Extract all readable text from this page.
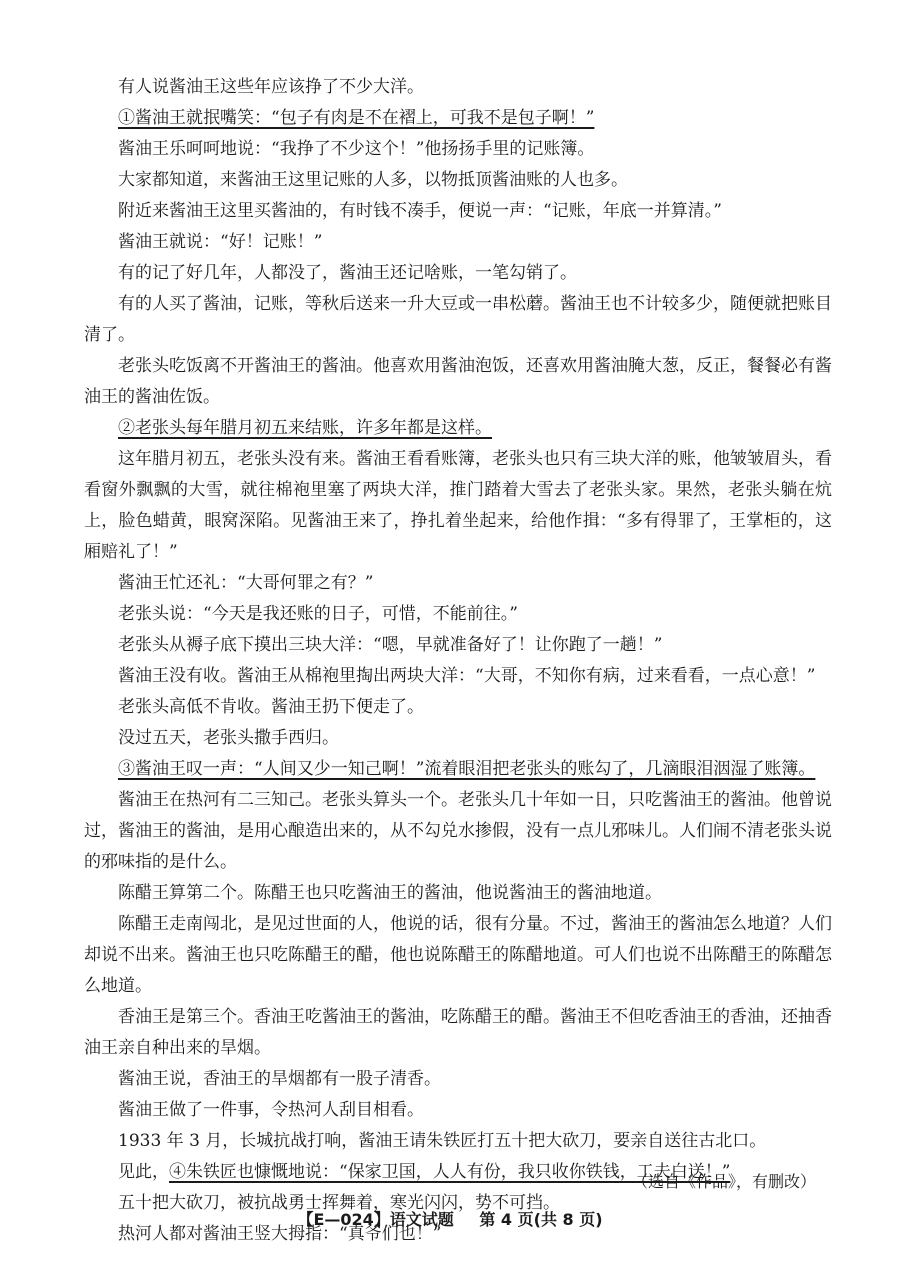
有人说酱油王这些年应该挣了不少大洋。

①酱油王就抿嘴笑：“包子有肉是不在褶上，可我不是包子啊！”

酱油王乐呵呵地说：“我挣了不少这个！”他扬扬手里的记账簿。

大家都知道，来酱油王这里记账的人多，以物抵顶酱油账的人也多。

附近来酱油王这里买酱油的，有时钱不凑手，便说一声：“记账，年底一并算清。”

酱油王就说：“好！记账！”

有的记了好几年，人都没了，酱油王还记啥账，一笔勾销了。

有的人买了酱油，记账，等秋后送来一升大豆或一串松蘑。酱油王也不计较多少，随便就把账目清了。

老张头吃饭离不开酱油王的酱油。他喜欢用酱油泡饭，还喜欢用酱油腌大葱，反正，餐餐必有酱油王的酱油佐饭。

②老张头每年腊月初五来结账，许多年都是这样。

这年腊月初五，老张头没有来。酱油王看看账簿，老张头也只有三块大洋的账，他皱皱眉头，看看窗外飘飘的大雪，就往棉袍里塞了两块大洋，推门踏着大雪去了老张头家。果然，老张头躺在炕上，脸色蜡黄，眼窝深陷。见酱油王来了，挣扎着坐起来，给他作揖：“多有得罪了，王掌柜的，这厢赔礼了！”

酱油王忙还礼：“大哥何罪之有？”

老张头说：“今天是我还账的日子，可惜，不能前往。”

老张头从褥子底下摸出三块大洋：“嗯，早就准备好了！让你跑了一趟！”

酱油王没有收。酱油王从棉袍里掏出两块大洋：“大哥，不知你有病，过来看看，一点心意！”

老张头高低不肯收。酱油王扔下便走了。

没过五天，老张头撒手西归。

③酱油王叹一声：“人间又少一知己啊！”流着眼泪把老张头的账勾了，几滴眼泪洇湿了账簿。

酱油王在热河有二三知己。老张头算头一个。老张头几十年如一日，只吃酱油王的酱油。他曾说过，酱油王的酱油，是用心酿造出来的，从不勾兑水掺假，没有一点儿邪味儿。人们闹不清老张头说的邪味指的是什么。

陈醋王算第二个。陈醋王也只吃酱油王的酱油，他说酱油王的酱油地道。

陈醋王走南闯北，是见过世面的人，他说的话，很有分量。不过，酱油王的酱油怎么地道？人们却说不出来。酱油王也只吃陈醋王的醋，他也说陈醋王的陈醋地道。可人们也说不出陈醋王的陈醋怎么地道。

香油王是第三个。香油王吃酱油王的酱油，吃陈醋王的醋。酱油王不但吃香油王的香油，还抽香油王亲自种出来的旱烟。

酱油王说，香油王的旱烟都有一股子清香。

酱油王做了一件事，令热河人刮目相看。

1933 年 3 月，长城抗战打响，酱油王请朱铁匠打五十把大砍刀，要亲自送往古北口。

见此，④朱铁匠也慷慨地说：“保家卫国，人人有份，我只收你铁钱，工夫白送！”

五十把大砍刀，被抗战勇士挥舞着，寒光闪闪，势不可挡。

热河人都对酱油王竖大拇指：“真爷们也！”

（选自《作品》，有删改）
【E—024】语文试题 第 4 页(共 8 页)
